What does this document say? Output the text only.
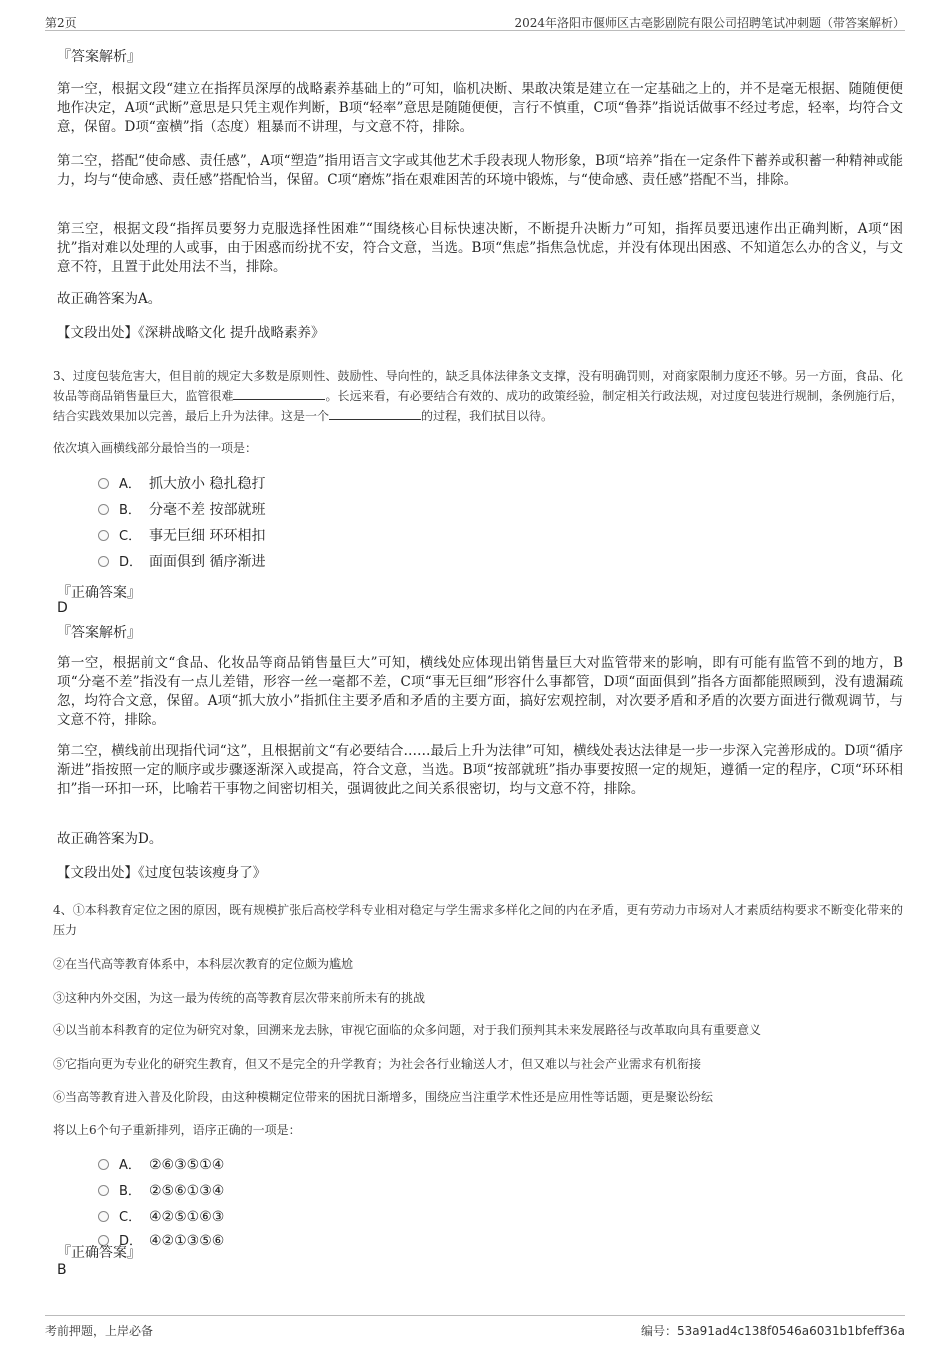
第2页	2024年洛阳市偃师区古亳影剧院有限公司招聘笔试冲刺题（带答案解析）
『答案解析』
第一空，根据文段“建立在指挥员深厚的战略素养基础上的”可知，临机决断、果敢决策是建立在一定基础之上的，并不是毫无根据、随随便便地作决定，A项“武断”意思是只凭主观作判断，B项“轻率”意思是随随便便，言行不慎重，C项“鲁莽”指说话做事不经过考虑，轻率，均符合文意，保留。D项“蛮横”指（态度）粗暴而不讲理，与文意不符，排除。
第二空，搭配“使命感、责任感”，A项“塑造”指用语言文字或其他艺术手段表现人物形象，B项“培养”指在一定条件下蓄养或积蓄一种精神或能力，均与“使命感、责任感”搭配恰当，保留。C项“磨炼”指在艰难困苦的环境中锻炼，与“使命感、责任感”搭配不当，排除。
第三空，根据文段“指挥员要努力克服选择性困难”“围绕核心目标快速决断，不断提升决断力”可知，指挥员要迅速作出正确判断，A项“困扰”指对难以处理的人或事，由于困惑而纷扰不安，符合文意，当选。B项“焦虑”指焦急忧虑，并没有体现出困惑、不知道怎么办的含义，与文意不符，且置于此处用法不当，排除。
故正确答案为A。
【文段出处】《深耕战略文化 提升战略素养》
3、过度包装危害大，但目前的规定大多数是原则性、鼓励性、导向性的，缺乏具体法律条文支撑，没有明确罚则，对商家限制力度还不够。另一方面，食品、化妆品等商品销售量巨大，监管很难	。长远来看，有必要结合有效的、成功的政策经验，制定相关行政法规，对过度包装进行规制，条例施行后，结合实践效果加以完善，最后上升为法律。这是一个	的过程，我们拭目以待。
依次填入画横线部分最恰当的一项是：
A． 抓大放小 稳扎稳打
B． 分毫不差 按部就班
C． 事无巨细 环环相扣
D． 面面俱到 循序渐进
『正确答案』
D
『答案解析』
第一空，根据前文“食品、化妆品等商品销售量巨大”可知，横线处应体现出销售量巨大对监管带来的影响，即有可能有监管不到的地方，B项“分毫不差”指没有一点儿差错，形容一丝一毫都不差，C项“事无巨细”形容什么事都管，D项“面面俱到”指各方面都能照顾到，没有遗漏疏忽，均符合文意，保留。A项“抓大放小”指抓住主要矛盾和矛盾的主要方面，搞好宏观控制，对次要矛盾和矛盾的次要方面进行微观调节，与文意不符，排除。
第二空，横线前出现指代词“这”，且根据前文“有必要结合……最后上升为法律”可知，横线处表达法律是一步一步深入完善形成的。D项“循序渐进”指按照一定的顺序或步骤逐渐深入或提高，符合文意，当选。B项“按部就班”指办事要按照一定的规矩，遵循一定的程序，C项“环环相扣”指一环扣一环，比喻若干事物之间密切相关，强调彼此之间关系很密切，均与文意不符，排除。
故正确答案为D。
【文段出处】《过度包装该瘦身了》
4、①本科教育定位之困的原因，既有规模扩张后高校学科专业相对稳定与学生需求多样化之间的内在矛盾，更有劳动力市场对人才素质结构要求不断变化带来的压力
②在当代高等教育体系中，本科层次教育的定位颇为尴尬
③这种内外交困，为这一最为传统的高等教育层次带来前所未有的挑战
④以当前本科教育的定位为研究对象，回溯来龙去脉，审视它面临的众多问题，对于我们预判其未来发展路径与改革取向具有重要意义
⑤它指向更为专业化的研究生教育，但又不是完全的升学教育；为社会各行业输送人才，但又难以与社会产业需求有机衔接
⑥当高等教育进入普及化阶段，由这种模糊定位带来的困扰日渐增多，围绕应当注重学术性还是应用性等话题，更是聚讼纷纭
将以上6个句子重新排列，语序正确的一项是：
A． ②⑥③⑤①④
B． ②⑤⑥①③④
C． ④②⑤①⑥③
D． ④②①③⑤⑥
『正确答案』
B
考前押题，上岸必备	编号：53a91ad4c138f0546a6031b1bfeff36a
